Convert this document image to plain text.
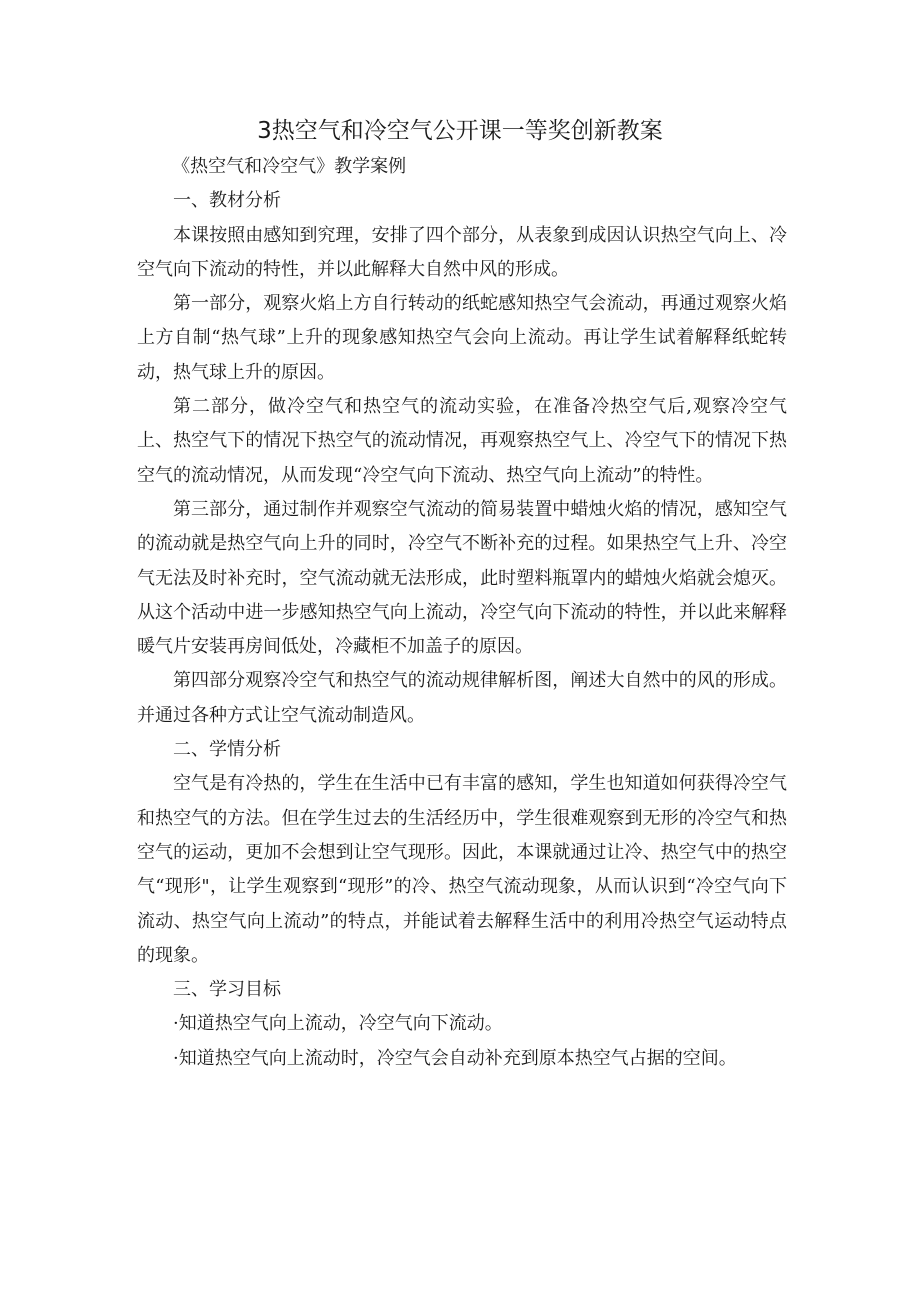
3热空气和冷空气公开课一等奖创新教案

《热空气和冷空气》教学案例

一、教材分析

本课按照由感知到究理，安排了四个部分，从表象到成因认识热空气向上、冷空气向下流动的特性，并以此解释大自然中风的形成。

第一部分，观察火焰上方自行转动的纸蛇感知热空气会流动，再通过观察火焰上方自制“热气球”上升的现象感知热空气会向上流动。再让学生试着解释纸蛇转动，热气球上升的原因。

第二部分，做冷空气和热空气的流动实验，在准备冷热空气后,观察冷空气上、热空气下的情况下热空气的流动情况，再观察热空气上、冷空气下的情况下热空气的流动情况，从而发现“冷空气向下流动、热空气向上流动”的特性。

第三部分，通过制作并观察空气流动的简易装置中蜡烛火焰的情况，感知空气的流动就是热空气向上升的同时，冷空气不断补充的过程。如果热空气上升、冷空气无法及时补充时，空气流动就无法形成，此时塑料瓶罩内的蜡烛火焰就会熄灭。从这个活动中进一步感知热空气向上流动，冷空气向下流动的特性，并以此来解释暖气片安装再房间低处，冷藏柜不加盖子的原因。

第四部分观察冷空气和热空气的流动规律解析图，阐述大自然中的风的形成。并通过各种方式让空气流动制造风。

二、学情分析

空气是有冷热的，学生在生活中已有丰富的感知，学生也知道如何获得冷空气和热空气的方法。但在学生过去的生活经历中，学生很难观察到无形的冷空气和热空气的运动，更加不会想到让空气现形。因此，本课就通过让冷、热空气中的热空气“现形"，让学生观察到“现形”的冷、热空气流动现象，从而认识到“冷空气向下流动、热空气向上流动”的特点，并能试着去解释生活中的利用冷热空气运动特点的现象。

三、学习目标

·知道热空气向上流动，冷空气向下流动。

·知道热空气向上流动时，冷空气会自动补充到原本热空气占据的空间。
